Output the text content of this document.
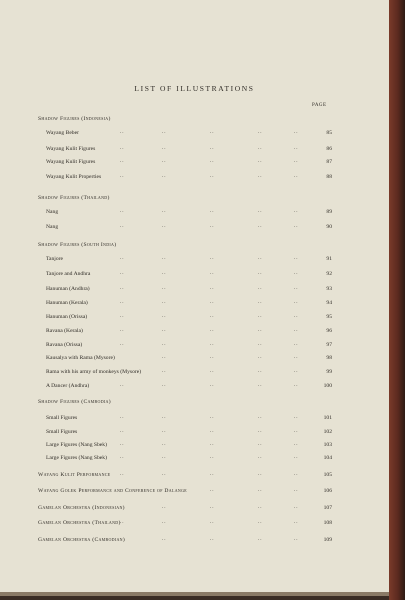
LIST OF ILLUSTRATIONS
PAGE
Shadow Figures (Indonesia)
Wayang Beber	..	..	..	..	..	85
Wayang Kulit Figures	..	..	..	..	..	86
Wayang Kulit Figures	..	..	..	..	..	87
Wayang Kulit Properties	..	..	..	..	..	88
Shadow Figures (Thailand)
Nang	..	..	..	..	..	89
Nang	..	..	..	..	..	90
Shadow Figures (South India)
Tanjore	..	..	..	..	..	91
Tanjore and Andhra	..	..	..	..	..	92
Hanuman (Andhra)	..	..	..	..	..	93
Hanuman (Kerala)	..	..	..	..	..	94
Hanuman (Orissa)	..	..	..	..	..	95
Ravana (Kerala)	..	..	..	..	..	96
Ravana (Orissa)	..	..	..	..	..	97
Kausalya with Rama (Mysore)	..	..	..	..	98
Rama with his army of monkeys (Mysore)	..	..	..	..	99
A Dancer (Andhra)	..	..	..	..	..	100
Shadow Figures (Cambodia)
Small Figures	..	..	..	..	..	101
Small Figures	..	..	..	..	..	102
Large Figures (Nang Sbek)	..	..	..	..	..	103
Large Figures (Nang Sbek)	..	..	..	..	..	104
Wayang Kulit Performance ..	..	..	..	..	105
Wayang Golek Performance and Conference of Dalange	..	..	..	106
Gamelan Orchestra (Indonesian)	..	..	..	..	107
Gamelan Orchestra (Thailand) ..	..	..	..	..	108
Gamelan Orchestra (Cambodian)	..	..	..	..	109
